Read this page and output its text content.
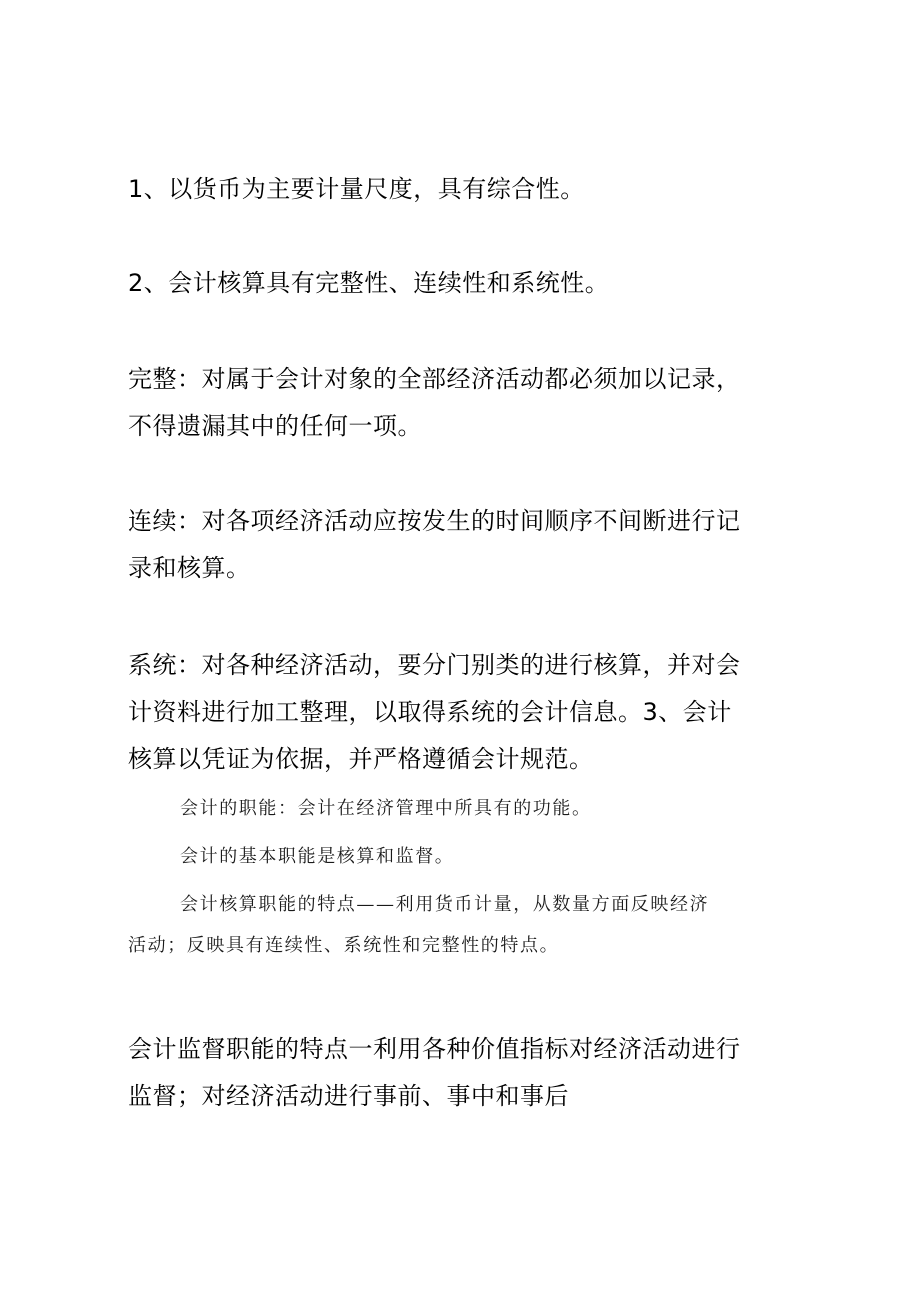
1、以货币为主要计量尺度，具有综合性。

2、会计核算具有完整性、连续性和系统性。

完整：对属于会计对象的全部经济活动都必须加以记录，
不得遗漏其中的任何一项。

连续：对各项经济活动应按发生的时间顺序不间断进行记
录和核算。

系统：对各种经济活动，要分门别类的进行核算，并对会
计资料进行加工整理，以取得系统的会计信息。3、会计
核算以凭证为依据，并严格遵循会计规范。

会计的职能：会计在经济管理中所具有的功能。

会计的基本职能是核算和监督。

会计核算职能的特点——利用货币计量，从数量方面反映经济
活动；反映具有连续性、系统性和完整性的特点。

会计监督职能的特点一利用各种价值指标对经济活动进行
监督；对经济活动进行事前、事中和事后
